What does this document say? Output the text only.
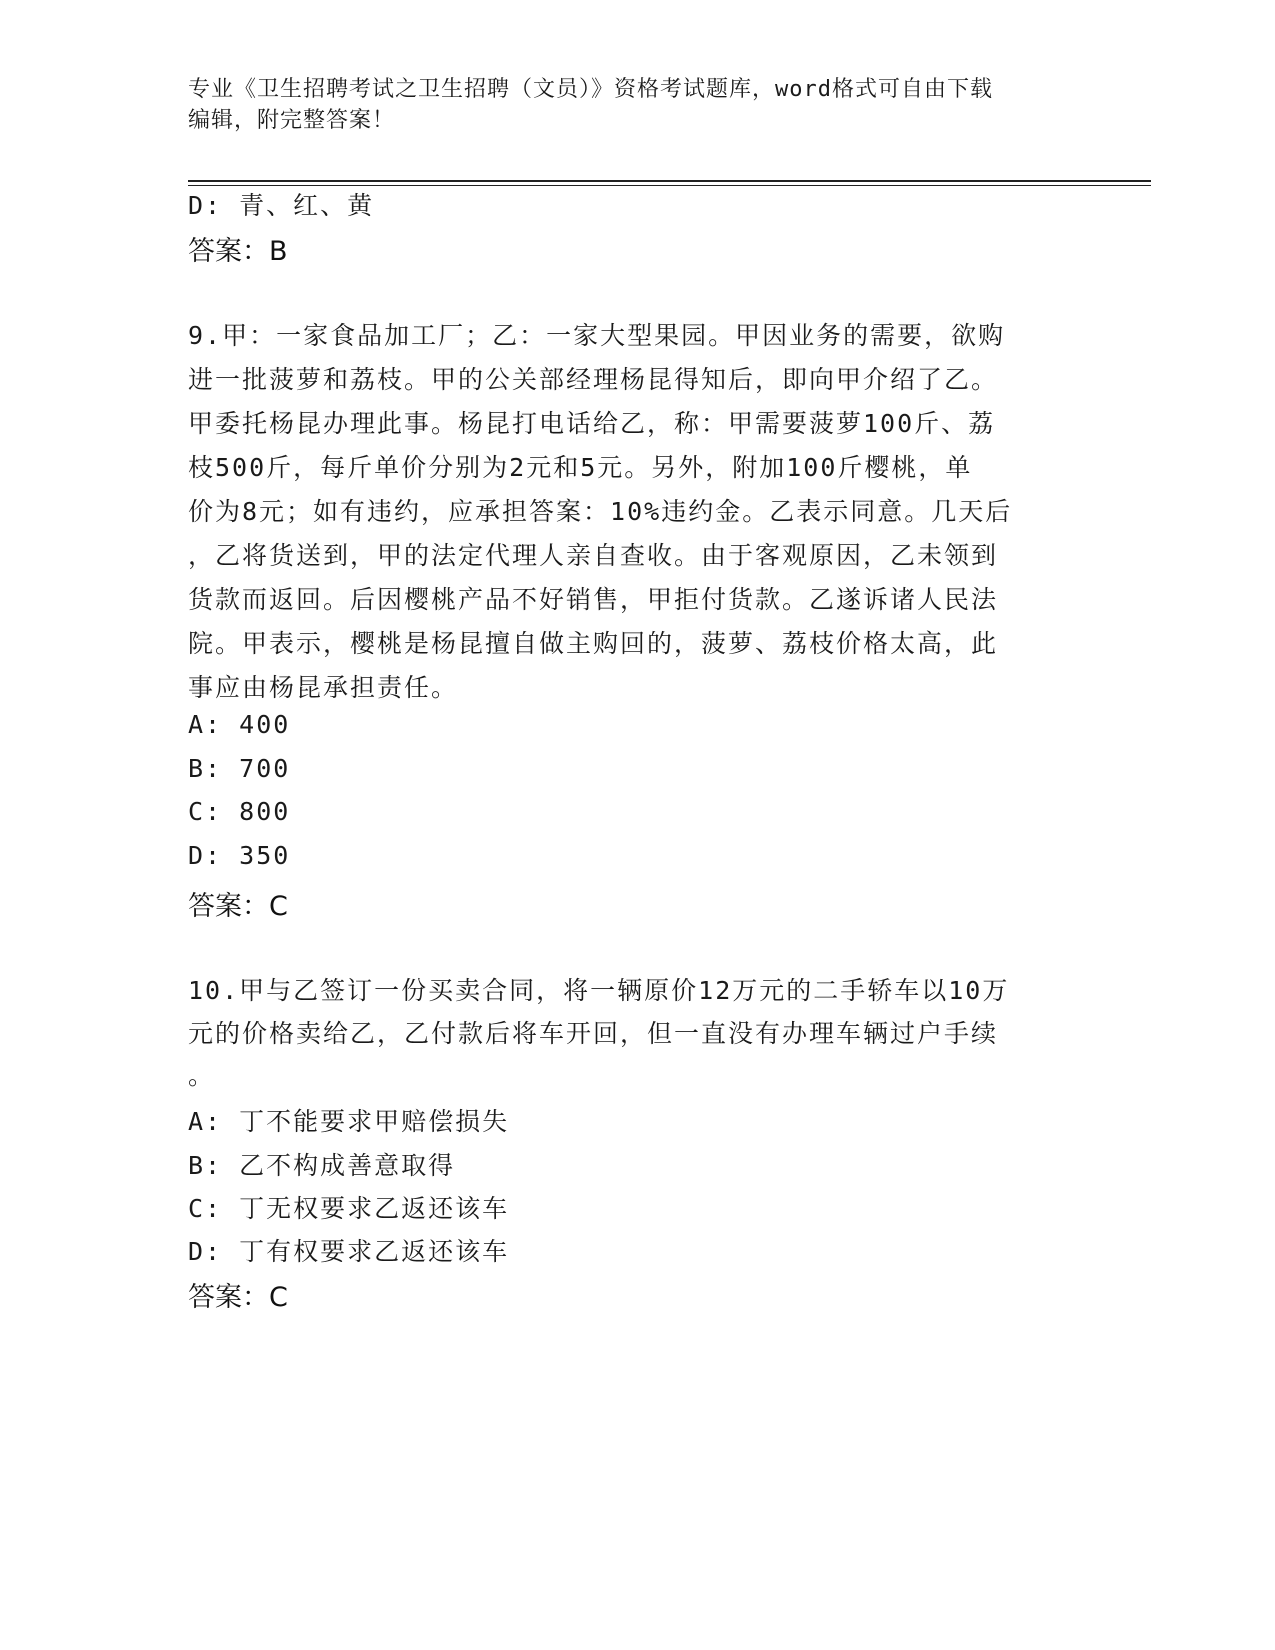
专业《卫生招聘考试之卫生招聘（文员）》资格考试题库，word格式可自由下载
编辑，附完整答案！
D: 青、红、黄
答案：B
9.甲：一家食品加工厂；乙：一家大型果园。甲因业务的需要，欲购
进一批菠萝和荔枝。甲的公关部经理杨昆得知后，即向甲介绍了乙。
甲委托杨昆办理此事。杨昆打电话给乙，称：甲需要菠萝100斤、荔
枝500斤，每斤单价分别为2元和5元。另外，附加100斤樱桃，单
价为8元；如有违约，应承担答案：10%违约金。乙表示同意。几天后
，乙将货送到，甲的法定代理人亲自查收。由于客观原因，乙未领到
货款而返回。后因樱桃产品不好销售，甲拒付货款。乙遂诉诸人民法
院。甲表示，樱桃是杨昆擅自做主购回的，菠萝、荔枝价格太高，此
事应由杨昆承担责任。
A: 400
B: 700
C: 800
D: 350
答案：C
10.甲与乙签订一份买卖合同，将一辆原价12万元的二手轿车以10万
元的价格卖给乙，乙付款后将车开回，但一直没有办理车辆过户手续
。
A: 丁不能要求甲赔偿损失
B: 乙不构成善意取得
C: 丁无权要求乙返还该车
D: 丁有权要求乙返还该车
答案：C
